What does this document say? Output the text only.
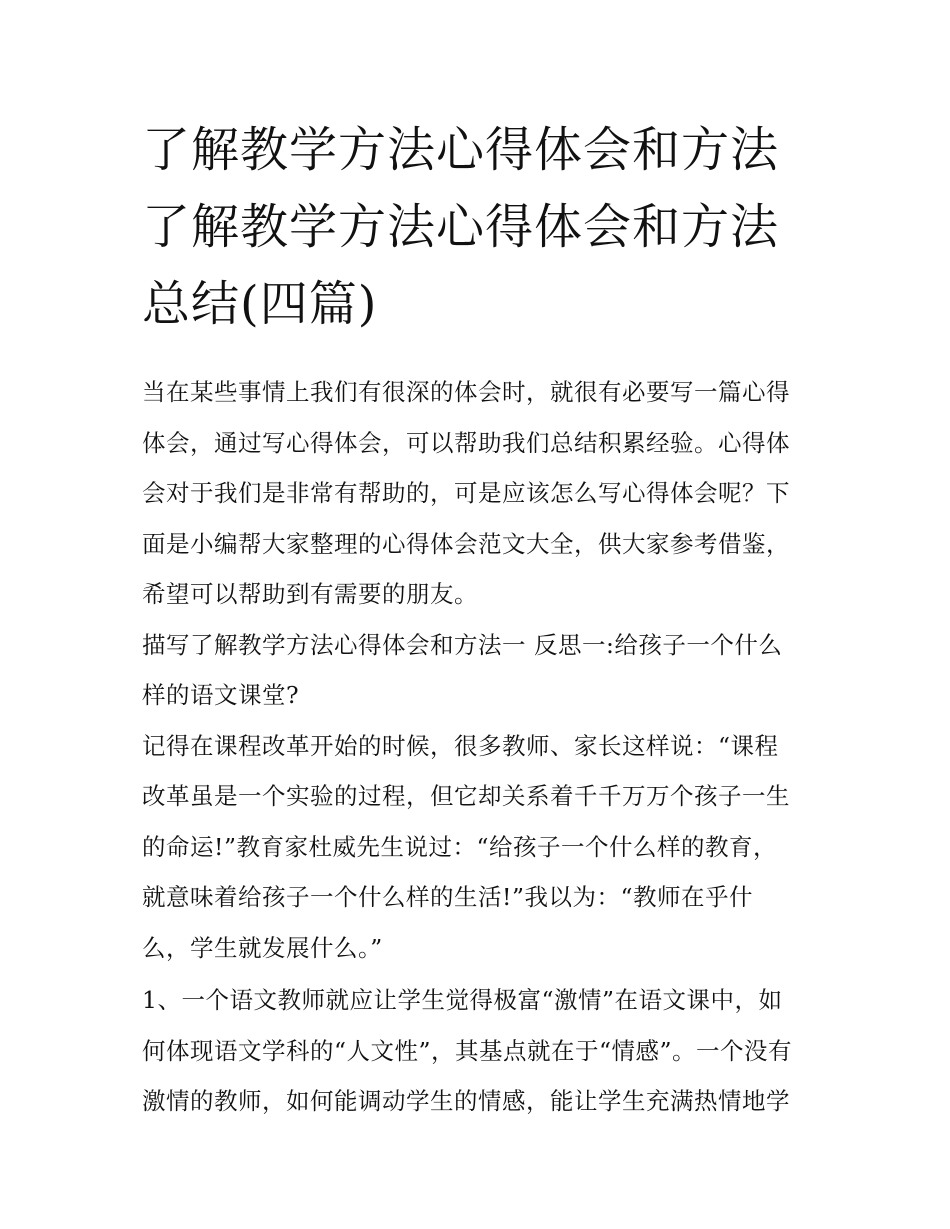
了解教学方法心得体会和方法
了解教学方法心得体会和方法
总结(四篇)

当在某些事情上我们有很深的体会时，就很有必要写一篇心得
体会，通过写心得体会，可以帮助我们总结积累经验。心得体
会对于我们是非常有帮助的，可是应该怎么写心得体会呢？下
面是小编帮大家整理的心得体会范文大全，供大家参考借鉴，
希望可以帮助到有需要的朋友。

描写了解教学方法心得体会和方法一 反思一:给孩子一个什么
样的语文课堂?

记得在课程改革开始的时候，很多教师、家长这样说：“课程
改革虽是一个实验的过程，但它却关系着千千万万个孩子一生
的命运!”教育家杜威先生说过：“给孩子一个什么样的教育，
就意味着给孩子一个什么样的生活!”我以为：“教师在乎什
么，学生就发展什么。”

1、一个语文教师就应让学生觉得极富“激情”在语文课中，如
何体现语文学科的“人文性”，其基点就在于“情感”。一个没有
激情的教师，如何能调动学生的情感，能让学生充满热情地学
